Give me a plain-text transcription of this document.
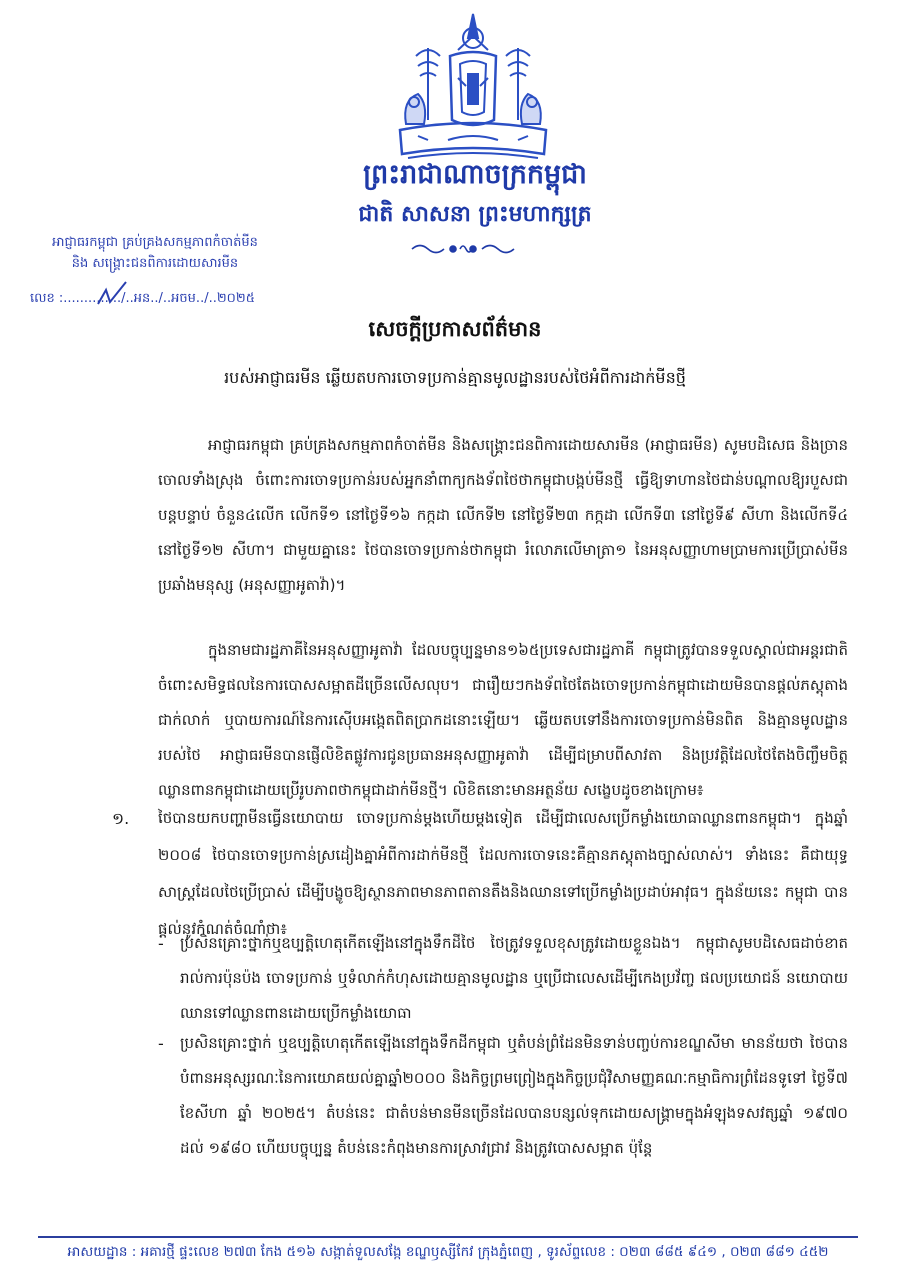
ព្រះរាជាណាចក្រកម្ពុជា
ជាតិ សាសនា ព្រះមហាក្សត្រ
អាជ្ញាធរកម្ពុជា គ្រប់គ្រងសកម្មភាពកំចាត់មីន
និង សង្គ្រោះជនពិការដោយសារមីន
លេខ :............../..អន../..អចម../..២០២៥
សេចក្តីប្រកាសព័ត៌មាន
របស់អាជ្ញាធរមីន ឆ្លើយតបការចោទប្រកាន់គ្មានមូលដ្ឋានរបស់ថៃអំពីការដាក់មីនថ្មី
អាជ្ញាធរកម្ពុជា គ្រប់គ្រងសកម្មភាពកំចាត់មីន និងសង្គ្រោះជនពិការដោយសារមីន (អាជ្ញាធរមីន) សូមបដិសេធ និងច្រានចោលទាំងស្រុង ចំពោះការចោទប្រកាន់របស់អ្នកនាំពាក្យកងទ័ពថៃថាកម្ពុជាបង្កប់មីនថ្មី ធ្វើឱ្យទាហានថៃជាន់បណ្តាលឱ្យរបួសជាបន្តបន្ទាប់ ចំនួន៤លើក លើកទី១ នៅថ្ងៃទី១៦ កក្កដា លើកទី២ នៅថ្ងៃទី២៣ កក្កដា លើកទី៣ នៅថ្ងៃទី៩ សីហា និងលើកទី៤ នៅថ្ងៃទី១២ សីហា។ ជាមួយគ្នានេះ ថៃបានចោទប្រកាន់ថាកម្ពុជា រំលោភលើមាត្រា១ នៃអនុសញ្ញាហាមប្រាមការប្រើប្រាស់មីនប្រឆាំងមនុស្ស (អនុសញ្ញាអូតាវ៉ា)។
ក្នុងនាមជារដ្ឋភាគីនៃអនុសញ្ញាអូតាវ៉ា ដែលបច្ចុប្បន្នមាន១៦៥ប្រទេសជារដ្ឋភាគី កម្ពុជាត្រូវបានទទួលស្គាល់ជាអន្តរជាតិចំពោះសមិទ្ធផលនៃការបោសសម្អាតដីច្រើនលើសលុប។ ជារឿយៗកងទ័ពថៃតែងចោទប្រកាន់កម្ពុជាដោយមិនបានផ្តល់ភស្តុតាងជាក់លាក់ ឬបាយការណ៍នៃការស៊ើបអង្កេតពិតប្រាកដនោះឡើយ។ ឆ្លើយតបទៅនឹងការចោទប្រកាន់មិនពិត និងគ្មានមូលដ្ឋានរបស់ថៃ អាជ្ញាធរមីនបានផ្ញើលិខិតផ្លូវការជូនប្រធានអនុសញ្ញាអូតាវ៉ា ដើម្បីជម្រាបពីសាវតា និងប្រវត្តិដែលថៃតែងចិញ្ចឹមចិត្តឈ្លានពានកម្ពុជាដោយប្រើរូបភាពថាកម្ពុជាដាក់មីនថ្មី។ លិខិតនោះមានអត្ថន័យ សង្ខេបដូចខាងក្រោម៖
១. ថៃបានយកបញ្ហាមីនធ្វើនយោបាយ ចោទប្រកាន់ម្តងហើយម្តងទៀត ដើម្បីជាលេសប្រើកម្លាំងយោធាឈ្លានពានកម្ពុជា។ ក្នុងឆ្នាំ ២០០៨ ថៃបានចោទប្រកាន់ស្រដៀងគ្នាអំពីការដាក់មីនថ្មី ដែលការចោទនេះគឺគ្មានភស្តុតាងច្បាស់លាស់។ ទាំងនេះ គឺជាយុទ្ធសាស្ត្រដែលថៃប្រើប្រាស់ ដើម្បីបង្ខូចឱ្យស្ថានភាពមានភាពតានតឹងនិងឈានទៅប្រើកម្លាំងប្រដាប់អាវុធ។ ក្នុងន័យនេះ កម្ពុជា បានផ្តល់នូវកំណត់ចំណាំថា៖
- ប្រសិនគ្រោះថ្នាក់ឬឧប្បត្តិហេតុកើតឡើងនៅក្នុងទឹកដីថៃ ថៃត្រូវទទួលខុសត្រូវដោយខ្លួនឯង។ កម្ពុជាសូមបដិសេធដាច់ខាត រាល់ការប៉ុនប៉ង ចោទប្រកាន់ ឬទំលាក់កំហុសដោយគ្មានមូលដ្ឋាន ឬប្រើជាលេសដើម្បីកេងប្រវ័ញ្ច ផលប្រយោជន៍ នយោបាយ ឈានទៅឈ្លានពានដោយប្រើកម្លាំងយោធា
- ប្រសិនគ្រោះថ្នាក់ ឬឧប្បត្តិហេតុកើតឡើងនៅក្នុងទឹកដីកម្ពុជា ឬតំបន់ព្រំដែនមិនទាន់បញ្ចប់ការខណ្ឌសីមា មានន័យថា ថៃបានបំពានអនុស្សរណៈនៃការយោគយល់គ្នាឆ្នាំ២០០០ និងកិច្ចព្រមព្រៀងក្នុងកិច្ចប្រជុំវិសាមញ្ញគណៈកម្មាធិការព្រំដែនទូទៅ ថ្ងៃទី៧ ខែសីហា ឆ្នាំ ២០២៥។ តំបន់នេះ ជាតំបន់មានមីនច្រើនដែលបានបន្សល់ទុកដោយសង្គ្រាមក្នុងអំឡុងទសវត្សឆ្នាំ ១៩៧០ ដល់ ១៩៨០ ហើយបច្ចុប្បន្ន តំបន់នេះកំពុងមានការស្រាវជ្រាវ និងត្រូវបោសសម្អាត ប៉ុន្តែ
អាសយដ្ឋាន : អគារថ្មី ផ្ទះលេខ ២៧៣ កែង ៥១៦ សង្កាត់ទួលសង្កែ ខណ្ឌឫស្សីកែវ ក្រុងភ្នំពេញ , ទូរស័ព្ទលេខ : ០២៣ ៨៨៥ ៩៤១ , ០២៣ ៨៨១ ៤៥២
